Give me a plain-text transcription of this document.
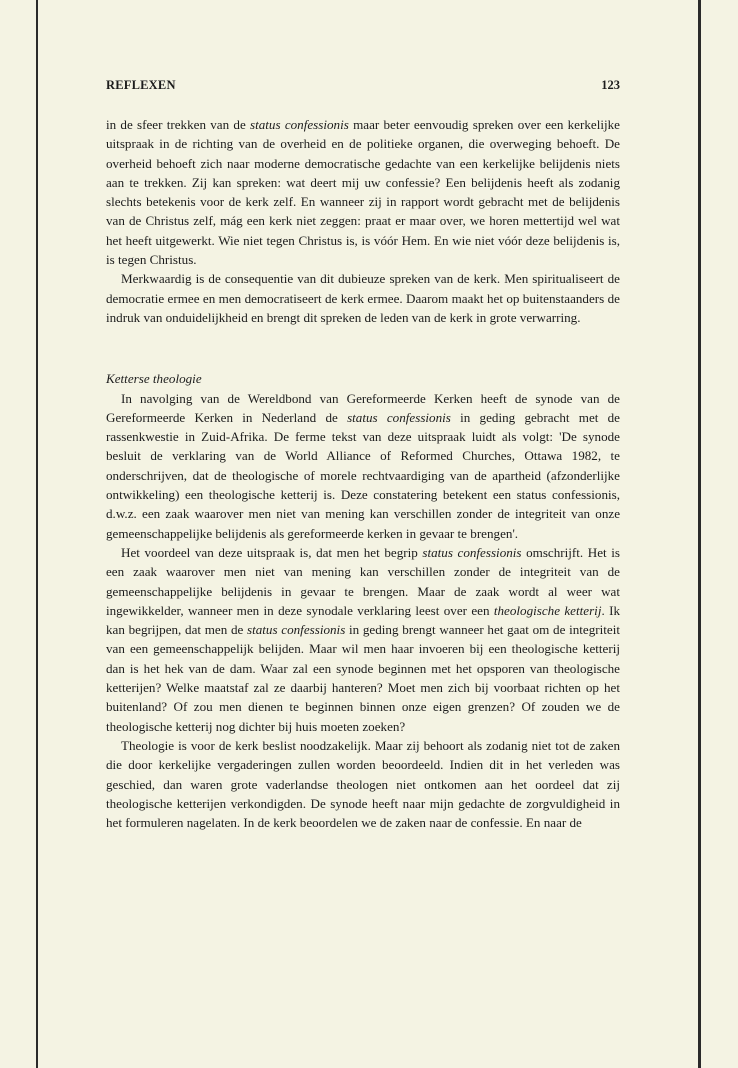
REFLEXEN	123

in de sfeer trekken van de status confessionis maar beter eenvoudig spreken over een kerkelijke uitspraak in de richting van de overheid en de politieke organen, die overweging behoeft. De overheid behoeft zich naar moderne democratische gedachte van een kerkelijke belijdenis niets aan te trekken. Zij kan spreken: wat deert mij uw confessie? Een belijdenis heeft als zodanig slechts betekenis voor de kerk zelf. En wanneer zij in rapport wordt gebracht met de belijdenis van de Christus zelf, mág een kerk niet zeggen: praat er maar over, we horen mettertijd wel wat het heeft uitgewerkt. Wie niet tegen Christus is, is vóór Hem. En wie niet vóór deze belijdenis is, is tegen Christus.

Merkwaardig is de consequentie van dit dubieuze spreken van de kerk. Men spiritualiseert de democratie ermee en men democratiseert de kerk ermee. Daarom maakt het op buitenstaanders de indruk van onduidelijkheid en brengt dit spreken de leden van de kerk in grote verwarring.

Ketterse theologie

In navolging van de Wereldbond van Gereformeerde Kerken heeft de synode van de Gereformeerde Kerken in Nederland de status confessionis in geding gebracht met de rassenkwestie in Zuid-Afrika. De ferme tekst van deze uitspraak luidt als volgt: 'De synode besluit de verklaring van de World Alliance of Reformed Churches, Ottawa 1982, te onderschrijven, dat de theologische of morele rechtvaardiging van de apartheid (afzonderlijke ontwikkeling) een theologische ketterij is. Deze constatering betekent een status confessionis, d.w.z. een zaak waarover men niet van mening kan verschillen zonder de integriteit van onze gemeenschappelijke belijdenis als gereformeerde kerken in gevaar te brengen'.

Het voordeel van deze uitspraak is, dat men het begrip status confessionis omschrijft. Het is een zaak waarover men niet van mening kan verschillen zonder de integriteit van de gemeenschappelijke belijdenis in gevaar te brengen. Maar de zaak wordt al weer wat ingewikkelder, wanneer men in deze synodale verklaring leest over een theologische ketterij. Ik kan begrijpen, dat men de status confessionis in geding brengt wanneer het gaat om de integriteit van een gemeenschappelijk belijden. Maar wil men haar invoeren bij een theologische ketterij dan is het hek van de dam. Waar zal een synode beginnen met het opsporen van theologische ketterijen? Welke maatstaf zal ze daarbij hanteren? Moet men zich bij voorbaat richten op het buitenland? Of zou men dienen te beginnen binnen onze eigen grenzen? Of zouden we de theologische ketterij nog dichter bij huis moeten zoeken?

Theologie is voor de kerk beslist noodzakelijk. Maar zij behoort als zodanig niet tot de zaken die door kerkelijke vergaderingen zullen worden beoordeeld. Indien dit in het verleden was geschied, dan waren grote vaderlandse theologen niet ontkomen aan het oordeel dat zij theologische ketterijen verkondigden. De synode heeft naar mijn gedachte de zorgvuldigheid in het formuleren nagelaten. In de kerk beoordelen we de zaken naar de confessie. En naar de
